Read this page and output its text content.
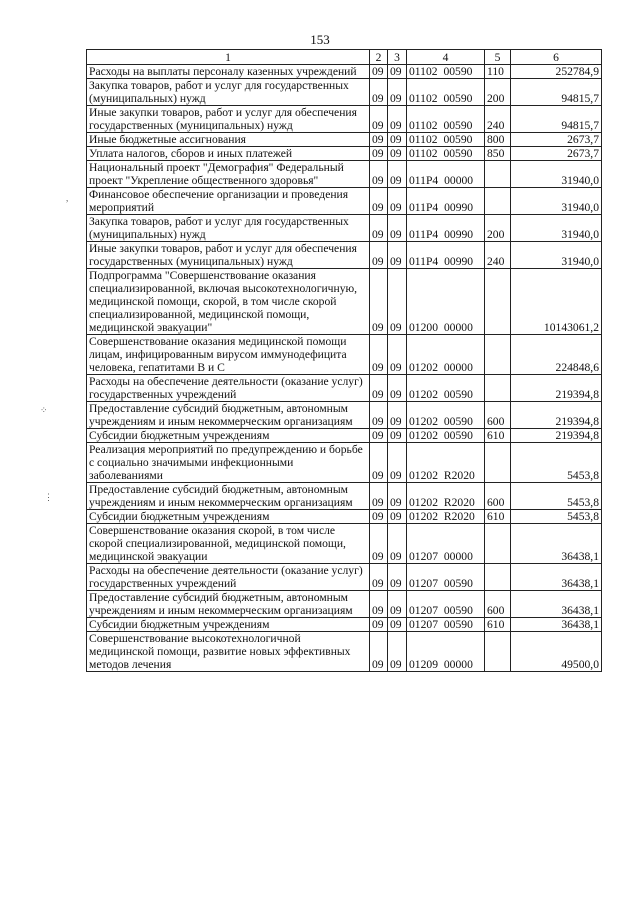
153
,
⁘
⋮
1	2	3	4	5	6
Расходы на выплаты персоналу казенных учреждений	09	09	01102 00590	110	252784,9
Закупка товаров, работ и услуг для государственных (муниципальных) нужд	09	09	01102 00590	200	94815,7
Иные закупки товаров, работ и услуг для обеспечения государственных (муниципальных) нужд	09	09	01102 00590	240	94815,7
Иные бюджетные ассигнования	09	09	01102 00590	800	2673,7
Уплата налогов, сборов и иных платежей	09	09	01102 00590	850	2673,7
Национальный проект "Демография" Федеральный проект "Укрепление общественного здоровья"	09	09	011P4 00000		31940,0
Финансовое обеспечение организации и проведения мероприятий	09	09	011P4 00990		31940,0
Закупка товаров, работ и услуг для государственных (муниципальных) нужд	09	09	011P4 00990	200	31940,0
Иные закупки товаров, работ и услуг для обеспечения государственных (муниципальных) нужд	09	09	011P4 00990	240	31940,0
Подпрограмма "Совершенствование оказания специализированной, включая высокотехнологичную, медицинской помощи, скорой, в том числе скорой специализированной, медицинской помощи, медицинской эвакуации"	09	09	01200 00000		10143061,2
Совершенствование оказания медицинской помощи лицам, инфицированным вирусом иммунодефицита человека, гепатитами В и С	09	09	01202 00000		224848,6
Расходы на обеспечение деятельности (оказание услуг) государственных учреждений	09	09	01202 00590		219394,8
Предоставление субсидий бюджетным, автономным учреждениям и иным некоммерческим организациям	09	09	01202 00590	600	219394,8
Субсидии бюджетным учреждениям	09	09	01202 00590	610	219394,8
Реализация мероприятий по предупреждению и борьбе с социально значимыми инфекционными заболеваниями	09	09	01202 R2020		5453,8
Предоставление субсидий бюджетным, автономным учреждениям и иным некоммерческим организациям	09	09	01202 R2020	600	5453,8
Субсидии бюджетным учреждениям	09	09	01202 R2020	610	5453,8
Совершенствование оказания скорой, в том числе скорой специализированной, медицинской помощи, медицинской эвакуации	09	09	01207 00000		36438,1
Расходы на обеспечение деятельности (оказание услуг) государственных учреждений	09	09	01207 00590		36438,1
Предоставление субсидий бюджетным, автономным учреждениям и иным некоммерческим организациям	09	09	01207 00590	600	36438,1
Субсидии бюджетным учреждениям	09	09	01207 00590	610	36438,1
Совершенствование высокотехнологичной медицинской помощи, развитие новых эффективных методов лечения	09	09	01209 00000		49500,0
